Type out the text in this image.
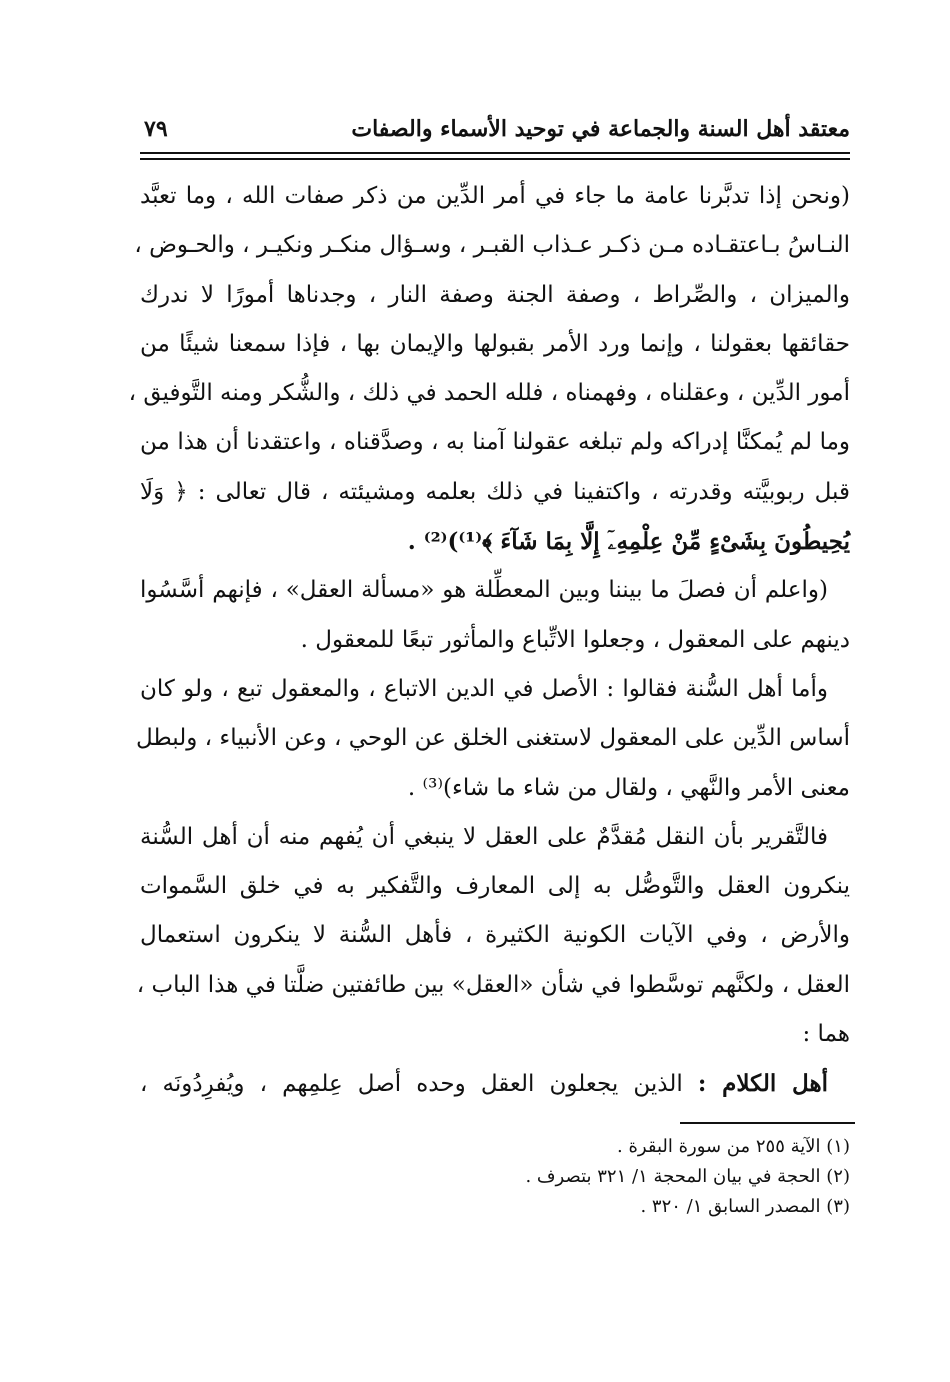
معتقد أهل السنة والجماعة في توحيد الأسماء والصفات
٧٩
(ونحن إذا تدبَّرنا عامة ما جاء في أمر الدِّين من ذكر صفات الله ، وما تعبَّد
النـاسُ بـاعتقـاده مـن ذكـر عـذاب القبـر ، وسـؤال منكـر ونكيـر ، والحـوض ،
والميزان ، والصِّراط ، وصفة الجنة وصفة النار ، وجدناها أمورًا لا ندرك
حقائقها بعقولنا ، وإنما ورد الأمر بقبولها والإيمان بها ، فإذا سمعنا شيئًا من
أمور الدِّين ، وعقلناه ، وفهمناه ، فلله الحمد في ذلك ، والشُّكر ومنه التَّوفيق ،
وما لم يُمكنَّا إدراكه ولم تبلغه عقولنا آمنا به ، وصدَّقناه ، واعتقدنا أن هذا من
قبل ربوبيَّته وقدرته ، واكتفينا في ذلك بعلمه ومشيئته ، قال تعالى : ﴿ وَلَا
يُحِيطُونَ بِشَىْءٍ مِّنْ عِلْمِهِۦٓ إِلَّا بِمَا شَآءَ ﴾⁽¹⁾)⁽²⁾ .
(واعلم أن فصلَ ما بيننا وبين المعطِّلة هو «مسألة العقل» ، فإنهم أسَّسُوا
دينهم على المعقول ، وجعلوا الاتِّباع والمأثور تبعًا للمعقول .
وأما أهل السُّنة فقالوا : الأصل في الدين الاتباع ، والمعقول تبع ، ولو كان
أساس الدِّين على المعقول لاستغنى الخلق عن الوحي ، وعن الأنبياء ، ولبطل
معنى الأمر والنَّهي ، ولقال من شاء ما شاء)⁽³⁾ .
فالتَّقرير بأن النقل مُقدَّمٌ على العقل لا ينبغي أن يُفهم منه أن أهل السُّنة
ينكرون العقل والتَّوصُّل به إلى المعارف والتَّفكير به في خلق السَّموات
والأرض ، وفي الآيات الكونية الكثيرة ، فأهل السُّنة لا ينكرون استعمال
العقل ، ولكنَّهم توسَّطوا في شأن «العقل» بين طائفتين ضلَّتا في هذا الباب ،
هما :
أهل الكلام : الذين يجعلون العقل وحده أصل عِلمِهم ، ويُفرِدُونَه ،
(١) الآية ٢٥٥ من سورة البقرة .
(٢) الحجة في بيان المحجة ١/ ٣٢١ بتصرف .
(٣) المصدر السابق ١/ ٣٢٠ .
